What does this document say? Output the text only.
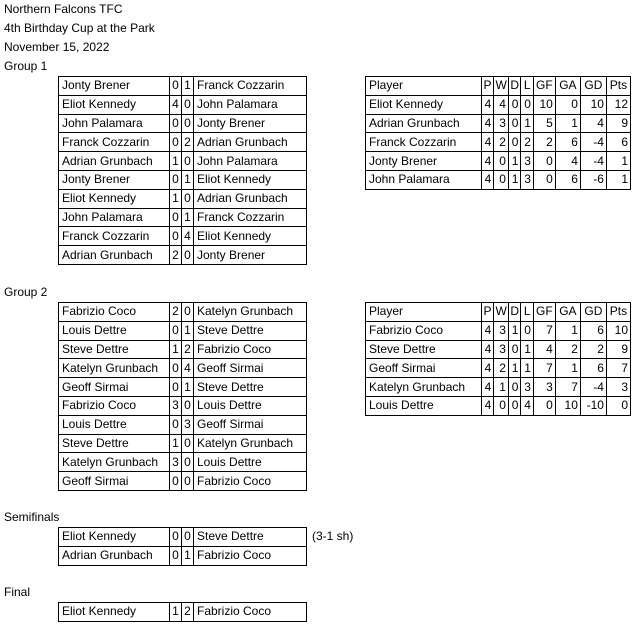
Northern Falcons TFC
4th Birthday Cup at the Park
November 15, 2022
Group 1
Jonty Brener	0	1	Franck Cozzarin
Eliot Kennedy	4	0	John Palamara
John Palamara	0	0	Jonty Brener
Franck Cozzarin	0	2	Adrian Grunbach
Adrian Grunbach	1	0	John Palamara
Jonty Brener	0	1	Eliot Kennedy
Eliot Kennedy	1	0	Adrian Grunbach
John Palamara	0	1	Franck Cozzarin
Franck Cozzarin	0	4	Eliot Kennedy
Adrian Grunbach	2	0	Jonty Brener
Player	P	W	D	L	GF	GA	GD	Pts
Eliot Kennedy	4	4	0	0	10	0	10	12
Adrian Grunbach	4	3	0	1	5	1	4	9
Franck Cozzarin	4	2	0	2	2	6	-4	6
Jonty Brener	4	0	1	3	0	4	-4	1
John Palamara	4	0	1	3	0	6	-6	1
Group 2
Fabrizio Coco	2	0	Katelyn Grunbach
Louis Dettre	0	1	Steve Dettre
Steve Dettre	1	2	Fabrizio Coco
Katelyn Grunbach	0	4	Geoff Sirmai
Geoff Sirmai	0	1	Steve Dettre
Fabrizio Coco	3	0	Louis Dettre
Louis Dettre	0	3	Geoff Sirmai
Steve Dettre	1	0	Katelyn Grunbach
Katelyn Grunbach	3	0	Louis Dettre
Geoff Sirmai	0	0	Fabrizio Coco
Player	P	W	D	L	GF	GA	GD	Pts
Fabrizio Coco	4	3	1	0	7	1	6	10
Steve Dettre	4	3	0	1	4	2	2	9
Geoff Sirmai	4	2	1	1	7	1	6	7
Katelyn Grunbach	4	1	0	3	3	7	-4	3
Louis Dettre	4	0	0	4	0	10	-10	0
Semifinals
Eliot Kennedy	0	0	Steve Dettre
Adrian Grunbach	0	1	Fabrizio Coco
(3-1 sh)
Final
Eliot Kennedy	1	2	Fabrizio Coco
